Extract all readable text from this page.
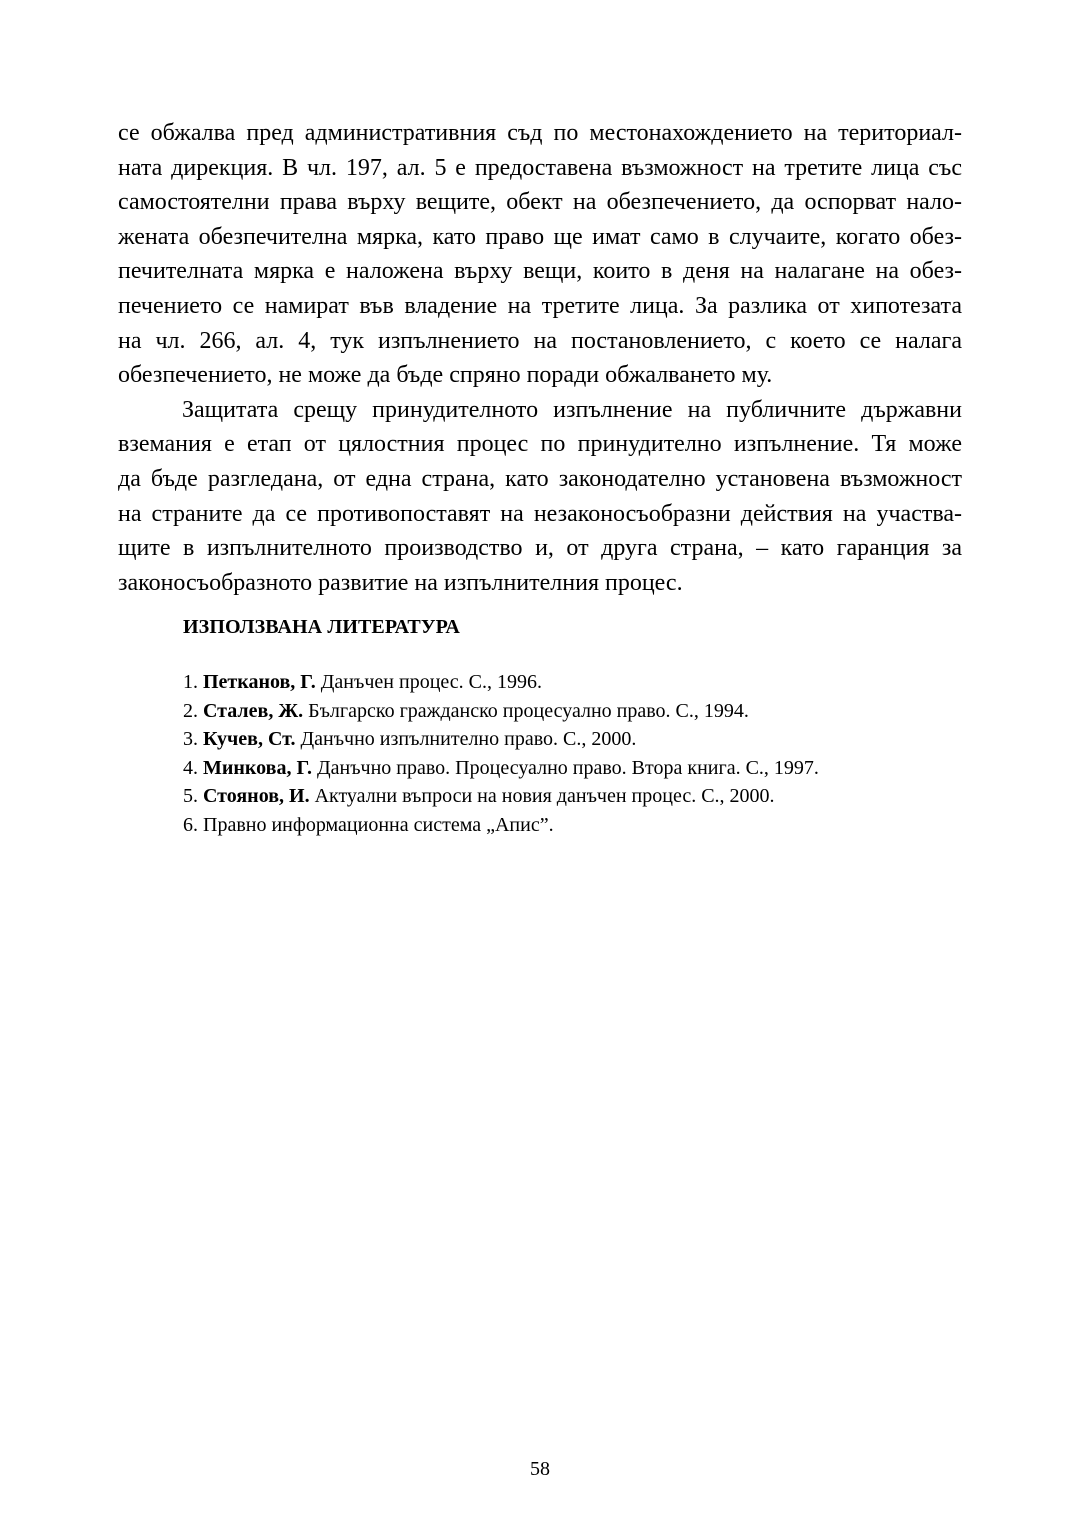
се обжалва пред административния съд по местонахождението на териториал-
ната дирекция. В чл. 197, ал. 5 е предоставена възможност на третите лица със
самостоятелни права върху вещите, обект на обезпечението, да оспорват нало-
жената обезпечителна мярка, като право ще имат само в случаите, когато обез-
печителната мярка е наложена върху вещи, които в деня на налагане на обез-
печението се намират във владение на третите лица. За разлика от хипотезата
на чл. 266, ал. 4, тук изпълнението на постановлението, с което се налага
обезпечението, не може да бъде спряно поради обжалването му.

Защитата срещу принудителното изпълнение на публичните държавни
вземания е етап от цялостния процес по принудително изпълнение. Тя може
да бъде разгледана, от една страна, като законодателно установена възможност
на страните да се противопоставят на незаконосъобразни действия на участва-
щите в изпълнителното производство и, от друга страна, – като гаранция за
законосъобразното развитие на изпълнителния процес.

ИЗПОЛЗВАНА ЛИТЕРАТУРА
1. Петканов, Г. Данъчен процес. С., 1996.
2. Сталев, Ж. Българско гражданско процесуално право. С., 1994.
3. Кучев, Ст. Данъчно изпълнително право. С., 2000.
4. Минкова, Г. Данъчно право. Процесуално право. Втора книга. С., 1997.
5. Стоянов, И. Актуални въпроси на новия данъчен процес. С., 2000.
6. Правно информационна система „Апис”.
58
